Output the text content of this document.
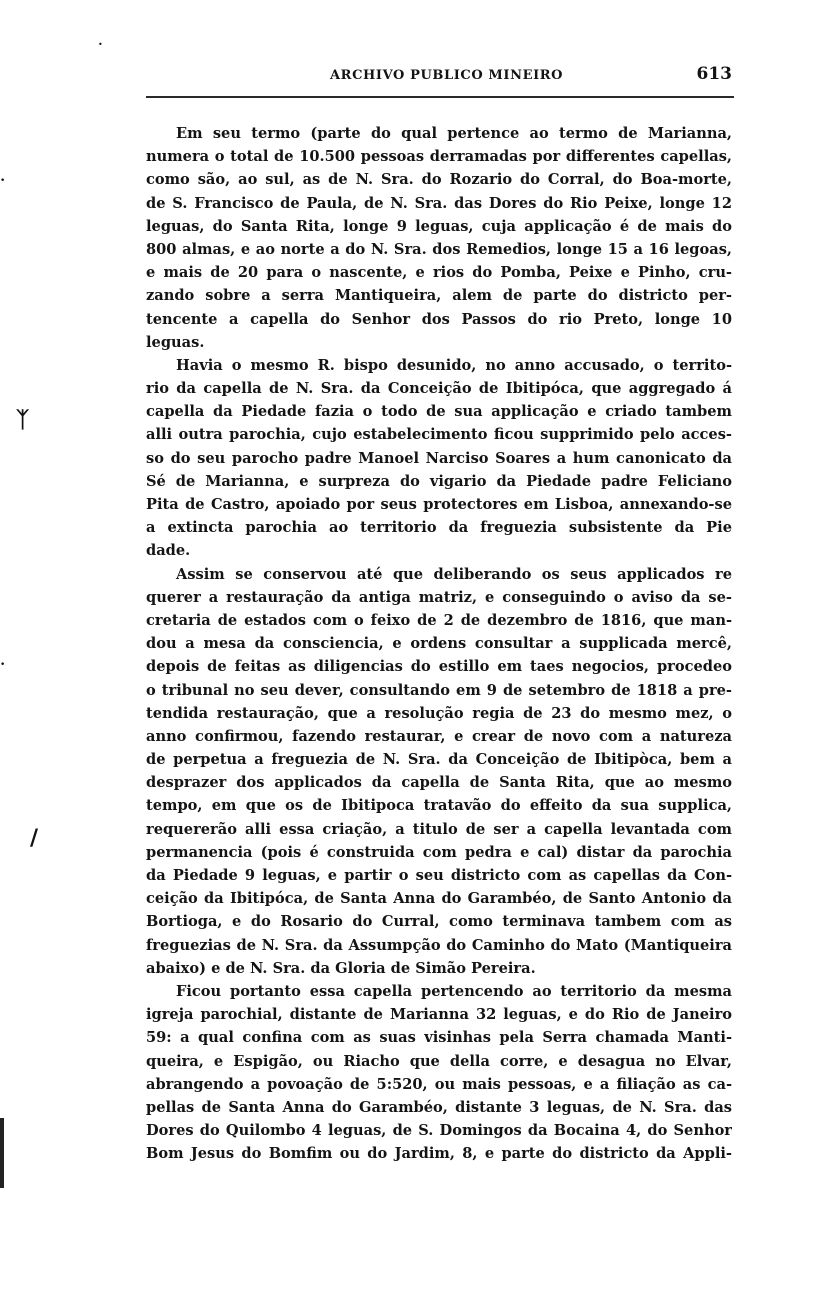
ARCHIVO PUBLICO MINEIRO	613
Em seu termo (parte do qual pertence ao termo de Marianna,
numera o total de 10.500 pessoas derramadas por differentes capellas,
como são, ao sul, as de N. Sra. do Rozario do Corral, do Boa-morte,
de S. Francisco de Paula, de N. Sra. das Dores do Rio Peixe, longe 12
leguas, do Santa Rita, longe 9 leguas, cuja applicação é de mais do
800 almas, e ao norte a do N. Sra. dos Remedios, longe 15 a 16 legoas,
e mais de 20 para o nascente, e rios do Pomba, Peixe e Pinho, cru-
zando sobre a serra Mantiqueira, alem de parte do districto per-
tencente a capella do Senhor dos Passos do rio Preto, longe 10
leguas.
Havia o mesmo R. bispo desunido, no anno accusado, o territo-
rio da capella de N. Sra. da Conceição de Ibitipóca, que aggregado á
capella da Piedade fazia o todo de sua applicação e criado tambem
alli outra parochia, cujo estabelecimento ficou supprimido pelo acces-
so do seu parocho padre Manoel Narciso Soares a hum canonicato da
Sé de Marianna, e surpreza do vigario da Piedade padre Feliciano
Pita de Castro, apoiado por seus protectores em Lisboa, annexando-se
a extincta parochia ao territorio da freguezia subsistente da Pie
dade.
Assim se conservou até que deliberando os seus applicados re
querer a restauração da antiga matriz, e conseguindo o aviso da se-
cretaria de estados com o feixo de 2 de dezembro de 1816, que man-
dou a mesa da consciencia, e ordens consultar a supplicada mercê,
depois de feitas as diligencias do estillo em taes negocios, procedeo
o tribunal no seu dever, consultando em 9 de setembro de 1818 a pre-
tendida restauração, que a resolução regia de 23 do mesmo mez, o
anno confirmou, fazendo restaurar, e crear de novo com a natureza
de perpetua a freguezia de N. Sra. da Conceição de Ibitipòca, bem a
desprazer dos applicados da capella de Santa Rita, que ao mesmo
tempo, em que os de Ibitipoca tratavão do effeito da sua supplica,
requererão alli essa criação, a titulo de ser a capella levantada com
permanencia (pois é construida com pedra e cal) distar da parochia
da Piedade 9 leguas, e partir o seu districto com as capellas da Con-
ceição da Ibitipóca, de Santa Anna do Garambéo, de Santo Antonio da
Bortioga, e do Rosario do Curral, como terminava tambem com as
freguezias de N. Sra. da Assumpção do Caminho do Mato (Mantiqueira
abaixo) e de N. Sra. da Gloria de Simão Pereira.
Ficou portanto essa capella pertencendo ao territorio da mesma
igreja parochial, distante de Marianna 32 leguas, e do Rio de Janeiro
59: a qual confina com as suas visinhas pela Serra chamada Manti-
queira, e Espigão, ou Riacho que della corre, e desagua no Elvar,
abrangendo a povoação de 5:520, ou mais pessoas, e a filiação as ca-
pellas de Santa Anna do Garambéo, distante 3 leguas, de N. Sra. das
Dores do Quilombo 4 leguas, de S. Domingos da Bocaina 4, do Senhor
Bom Jesus do Bomfim ou do Jardim, 8, e parte do districto da Appli-
•
•
ᛉ
•
/
